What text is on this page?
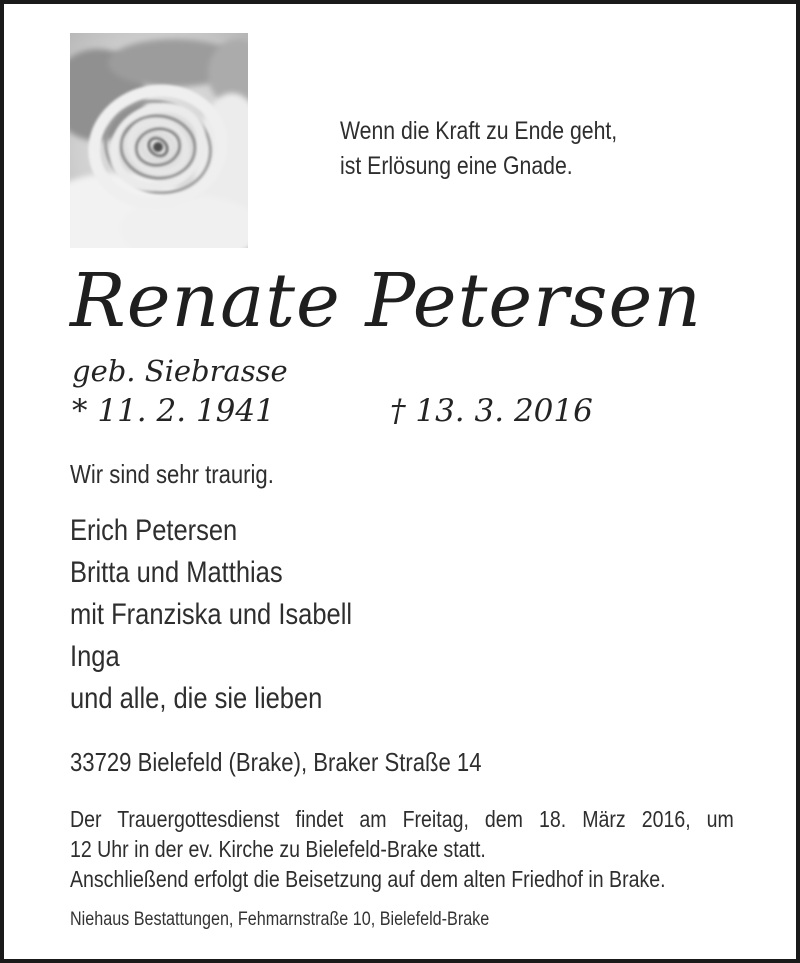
Wenn die Kraft zu Ende geht,
ist Erlösung eine Gnade.
Renate Petersen
geb. Siebrasse
* 11. 2. 1941	† 13. 3. 2016
Wir sind sehr traurig.
Erich Petersen
Britta und Matthias
mit Franziska und Isabell
Inga
und alle, die sie lieben
33729 Bielefeld (Brake), Braker Straße 14
Der Trauergottesdienst findet am Freitag, dem 18. März 2016, um
12 Uhr in der ev. Kirche zu Bielefeld-Brake statt.
Anschließend erfolgt die Beisetzung auf dem alten Friedhof in Brake.
Niehaus Bestattungen, Fehmarnstraße 10, Bielefeld-Brake
